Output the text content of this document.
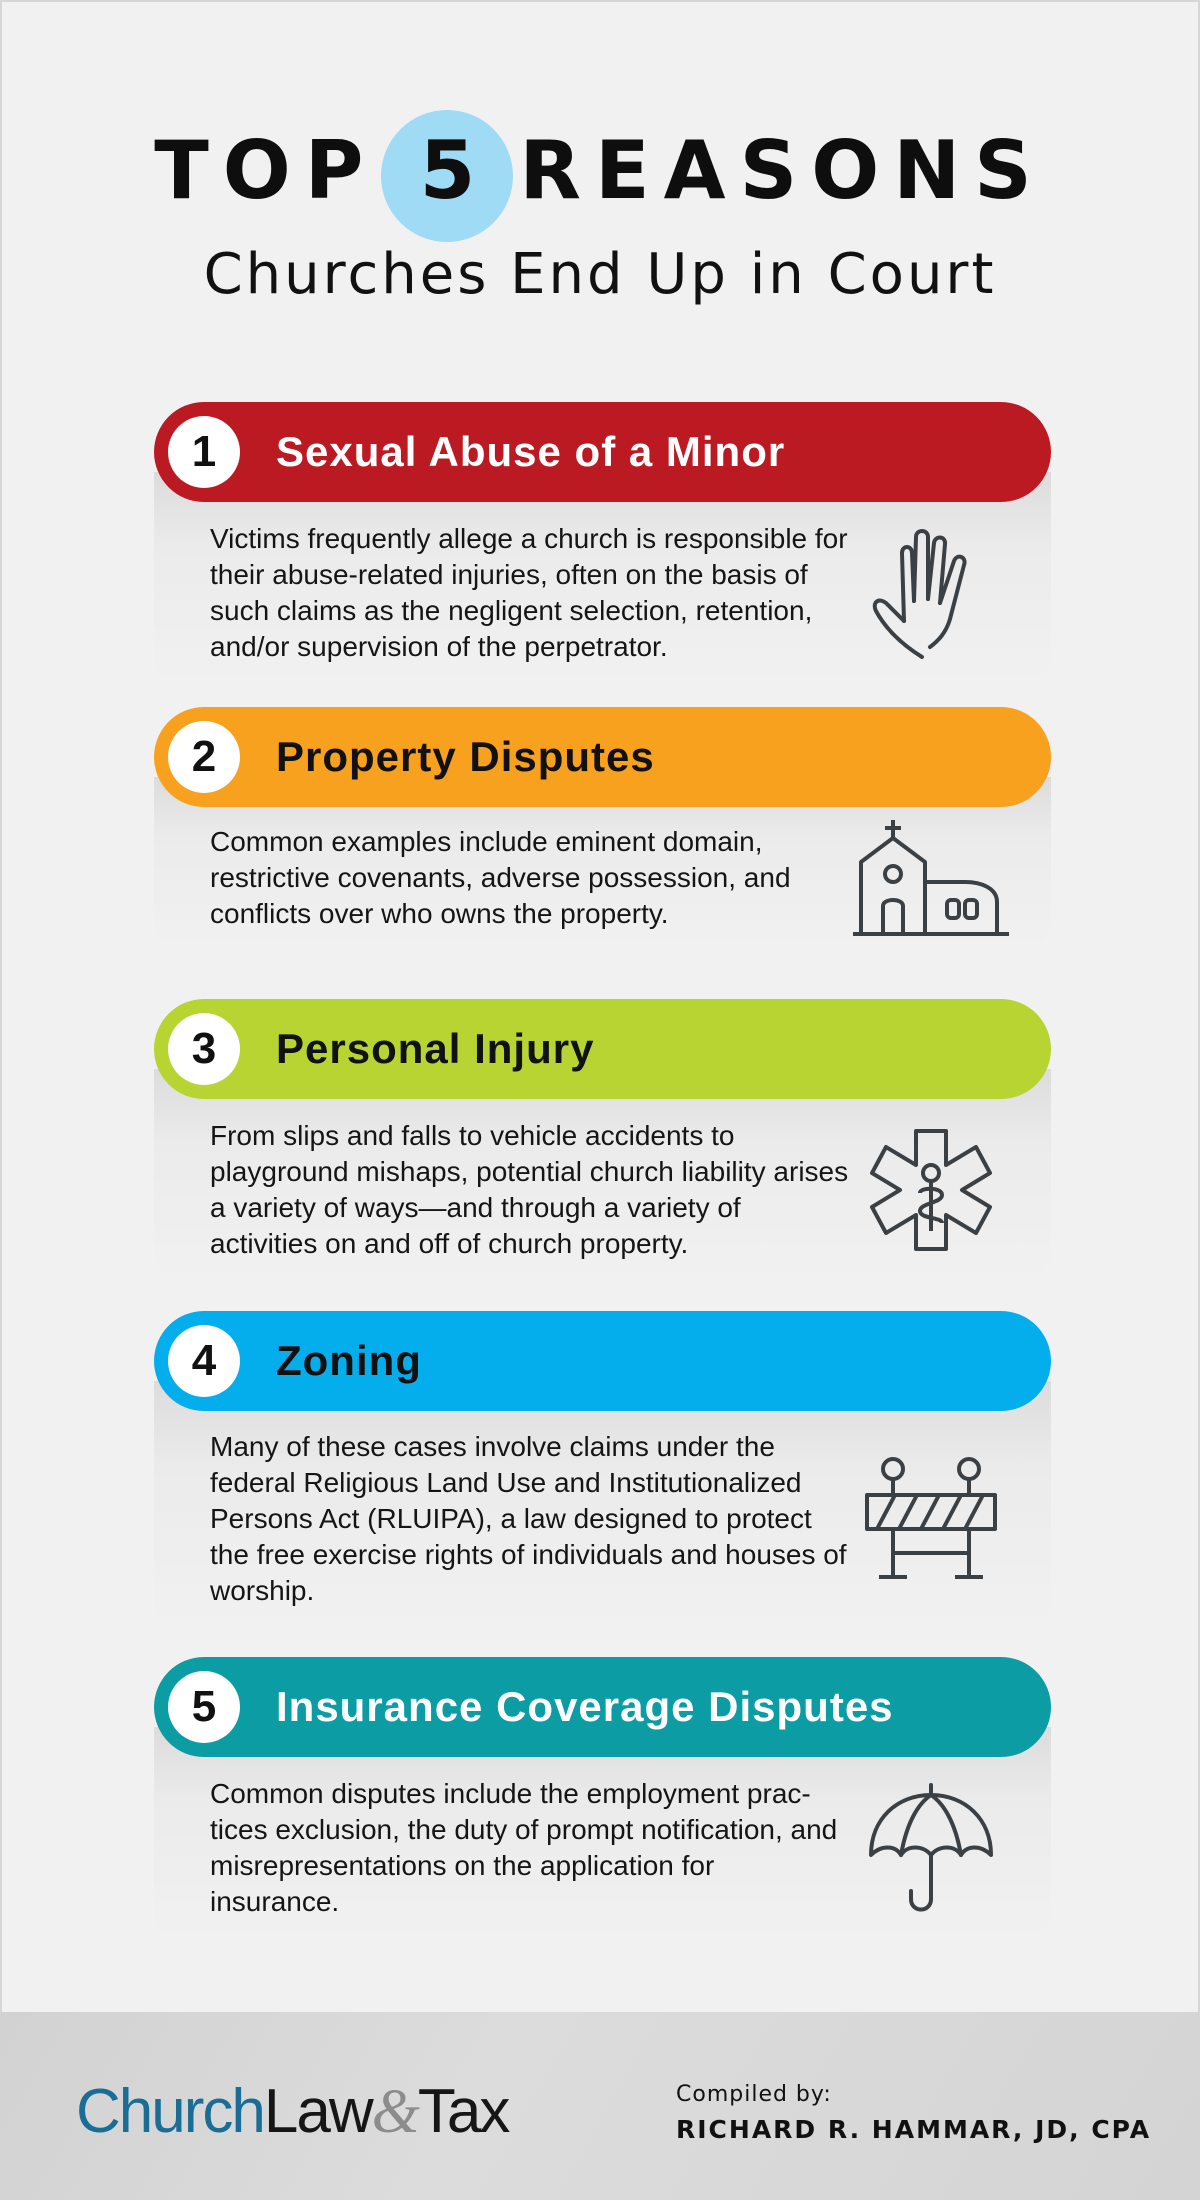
TOP 5 REASONS
Churches End Up in Court
1	Sexual Abuse of a Minor
Victims frequently allege a church is responsible for their abuse-related injuries, often on the basis of such claims as the negligent selection, retention, and/or supervision of the perpetrator.
2	Property Disputes
Common examples include eminent domain, restrictive covenants, adverse possession, and conflicts over who owns the property.
3	Personal Injury
From slips and falls to vehicle accidents to playground mishaps, potential church liability arises a variety of ways—and through a variety of activities on and off of church property.
4	Zoning
Many of these cases involve claims under the federal Religious Land Use and Institutionalized Persons Act (RLUIPA), a law designed to protect the free exercise rights of individuals and houses of worship.
5	Insurance Coverage Disputes
Common disputes include the employment prac-tices exclusion, the duty of prompt notification, and misrepresentations on the application for insurance.
ChurchLaw&Tax	Compiled by:
RICHARD R. HAMMAR, JD, CPA
